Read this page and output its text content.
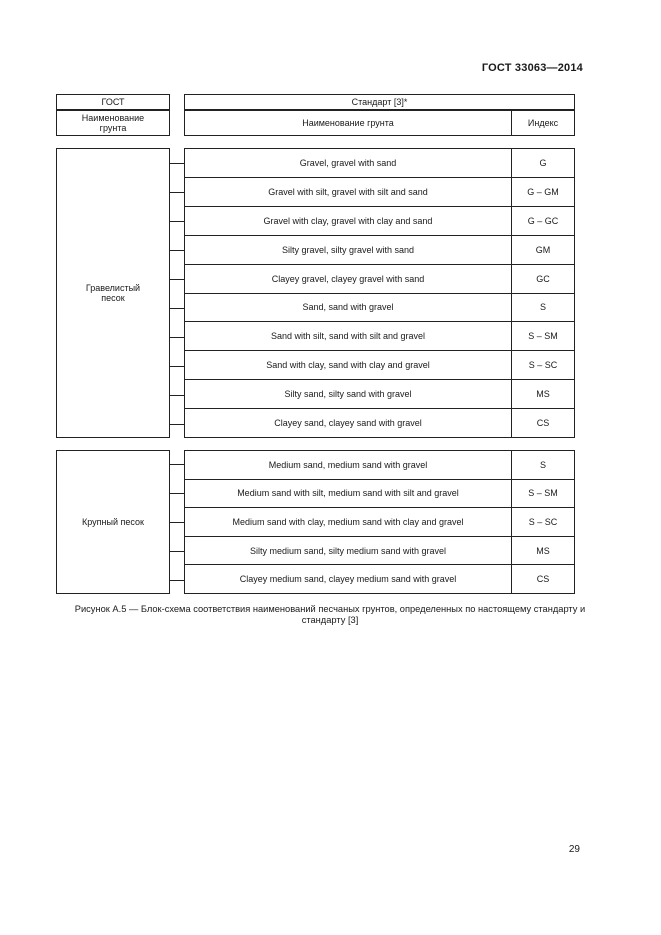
ГОСТ 33063—2014
ГОСТ
Наименование грунта
Стандарт [3]*
Наименование грунта	Индекс
Гравелистый песок
Gravel, gravel with sand	G
Gravel with silt, gravel with silt and sand	G – GM
Gravel with clay, gravel with clay and sand	G – GC
Silty gravel, silty gravel with sand	GM
Clayey gravel, clayey gravel with sand	GC
Sand, sand with gravel	S
Sand with silt, sand with silt and gravel	S – SM
Sand with clay, sand with clay and gravel	S – SC
Silty sand, silty sand with gravel	MS
Clayey sand, clayey sand with gravel	CS
Крупный песок
Medium sand, medium sand with gravel	S
Medium sand with silt, medium sand with silt and gravel	S – SM
Medium sand with clay, medium sand with clay and gravel	S – SC
Silty medium sand, silty medium sand with gravel	MS
Clayey medium sand, clayey medium sand with gravel	CS
Рисунок А.5 — Блок-схема соответствия наименований песчаных грунтов, определенных по настоящему стандарту и стандарту [3]
29
